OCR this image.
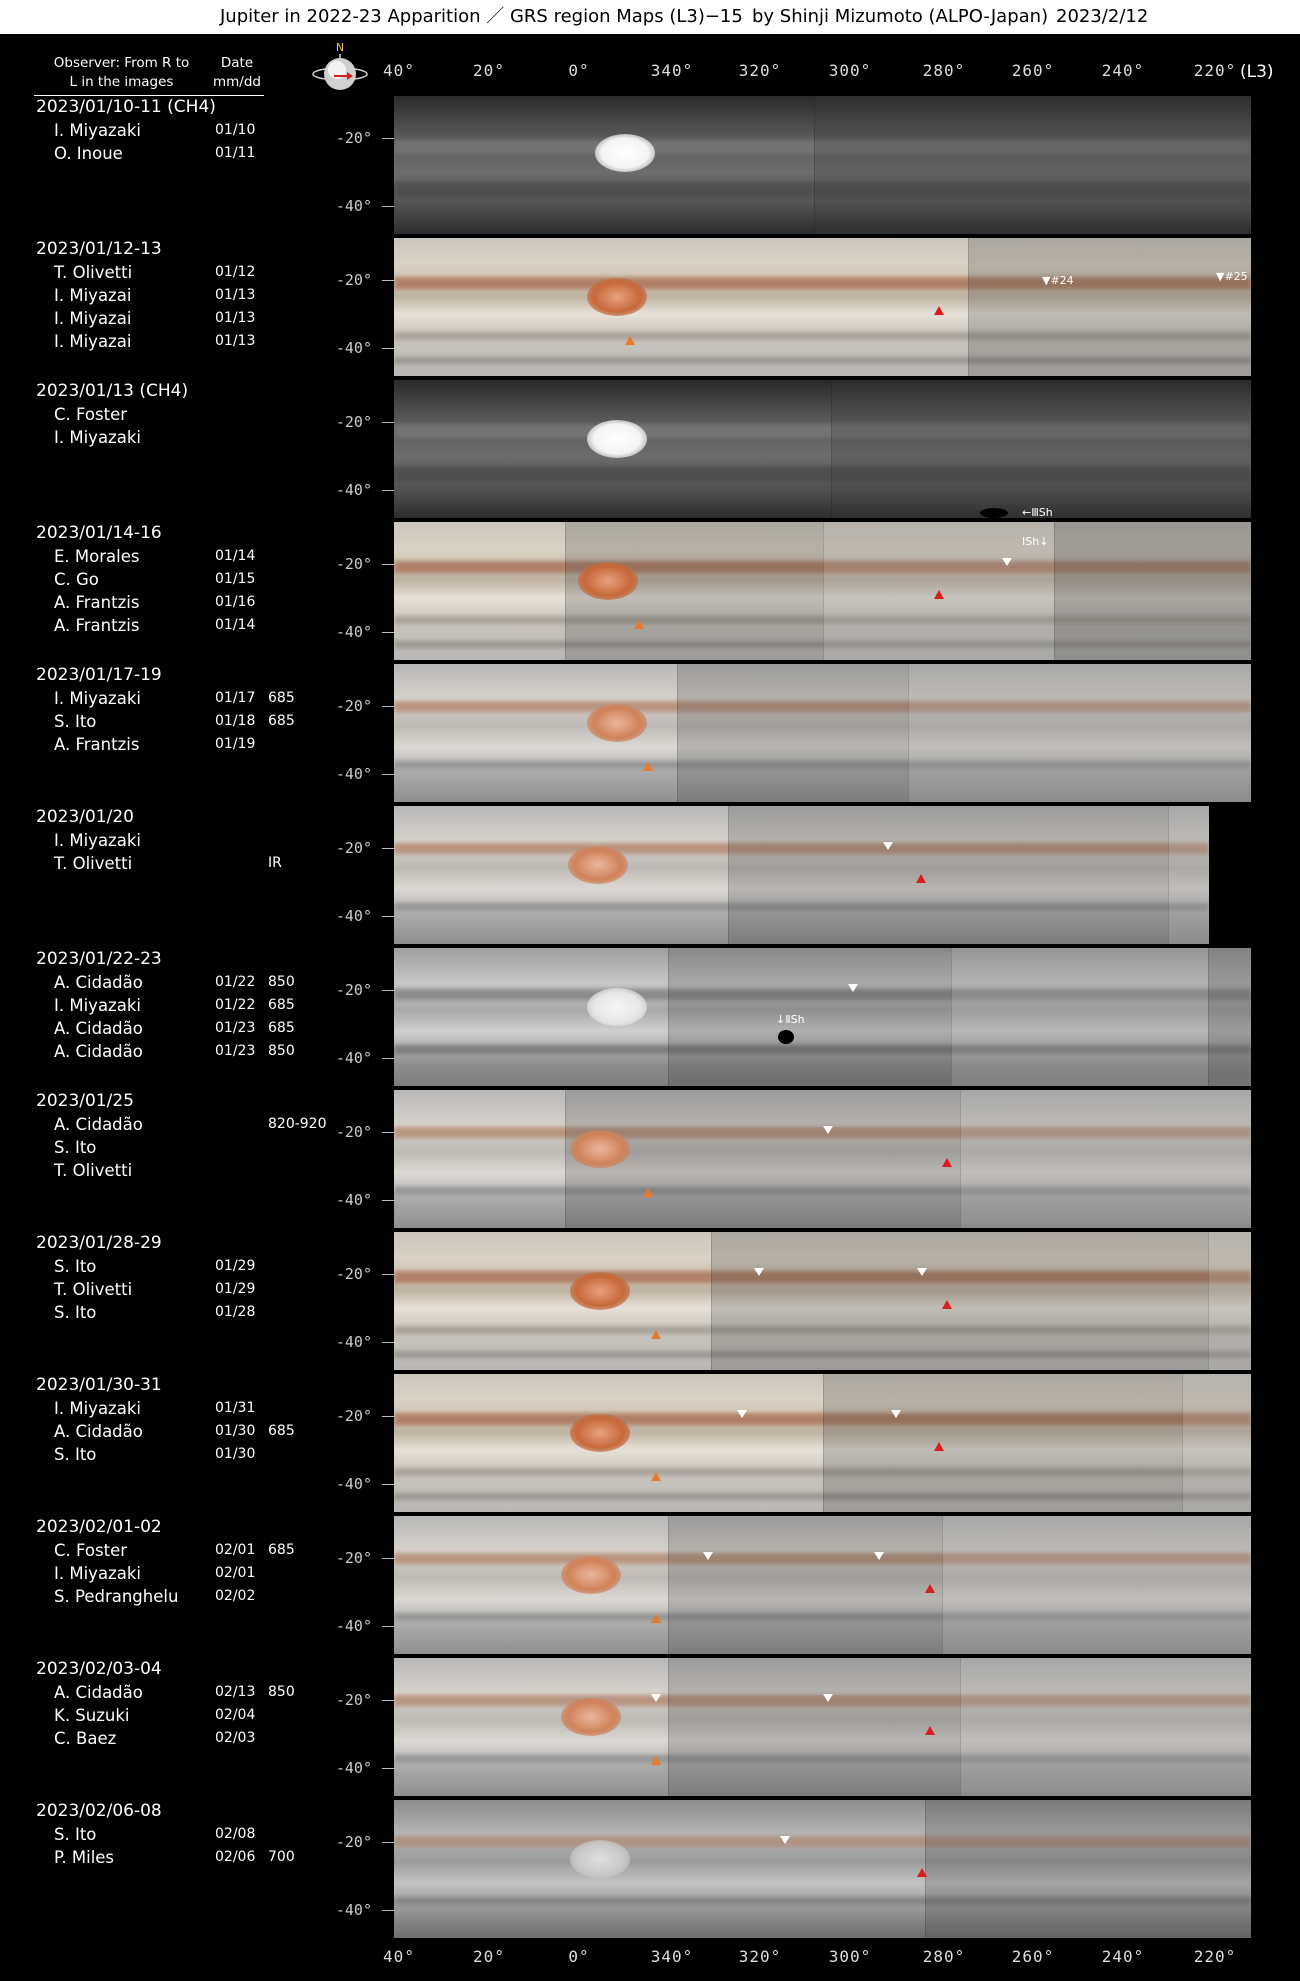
Jupiter in 2022-23 Apparition ／ GRS region Maps (L3)−15 by Shinji Mizumoto (ALPO-Japan) 2023/2/12
Observer: From R to
L in the images
Date
mm/dd
N
40°	20°	0°	340°	320°	300°	280°	260°	240°	220° (L3)
40°	20°	0°	340°	320°	300°	280°	260°	240°	220°
2023/01/10-11 (CH4)
I. Miyazaki	01/10
O. Inoue	01/11
-20°
-40°
2023/01/12-13
T. Olivetti	01/12
I. Miyazai	01/13
I. Miyazai	01/13
I. Miyazai	01/13
-20°
-40°
2023/01/13 (CH4)
C. Foster
I. Miyazaki
-20°
-40°
2023/01/14-16
E. Morales	01/14
C. Go	01/15
A. Frantzis	01/16
A. Frantzis	01/14
-20°
-40°
2023/01/17-19
I. Miyazaki	01/17 685
S. Ito	01/18 685
A. Frantzis	01/19
-20°
-40°
2023/01/20
I. Miyazaki
T. Olivetti	IR
-20°
-40°
2023/01/22-23
A. Cidadão	01/22 850
I. Miyazaki	01/22 685
A. Cidadão	01/23 685
A. Cidadão	01/23 850
-20°
-40°
2023/01/25
A. Cidadão	820-920
S. Ito
T. Olivetti
-20°
-40°
2023/01/28-29
S. Ito	01/29
T. Olivetti	01/29
S. Ito	01/28
-20°
-40°
2023/01/30-31
I. Miyazaki	01/31
A. Cidadão	01/30 685
S. Ito	01/30
-20°
-40°
2023/02/01-02
C. Foster	02/01 685
I. Miyazaki	02/01
S. Pedranghelu	02/02
-20°
-40°
2023/02/03-04
A. Cidadão	02/13 850
K. Suzuki	02/04
C. Baez	02/03
-20°
-40°
2023/02/06-08
S. Ito	02/08
P. Miles	02/06 700
-20°
-40°
▼#24	▼#25
←ⅢSh
ⅠSh↓
↓ⅡSh
